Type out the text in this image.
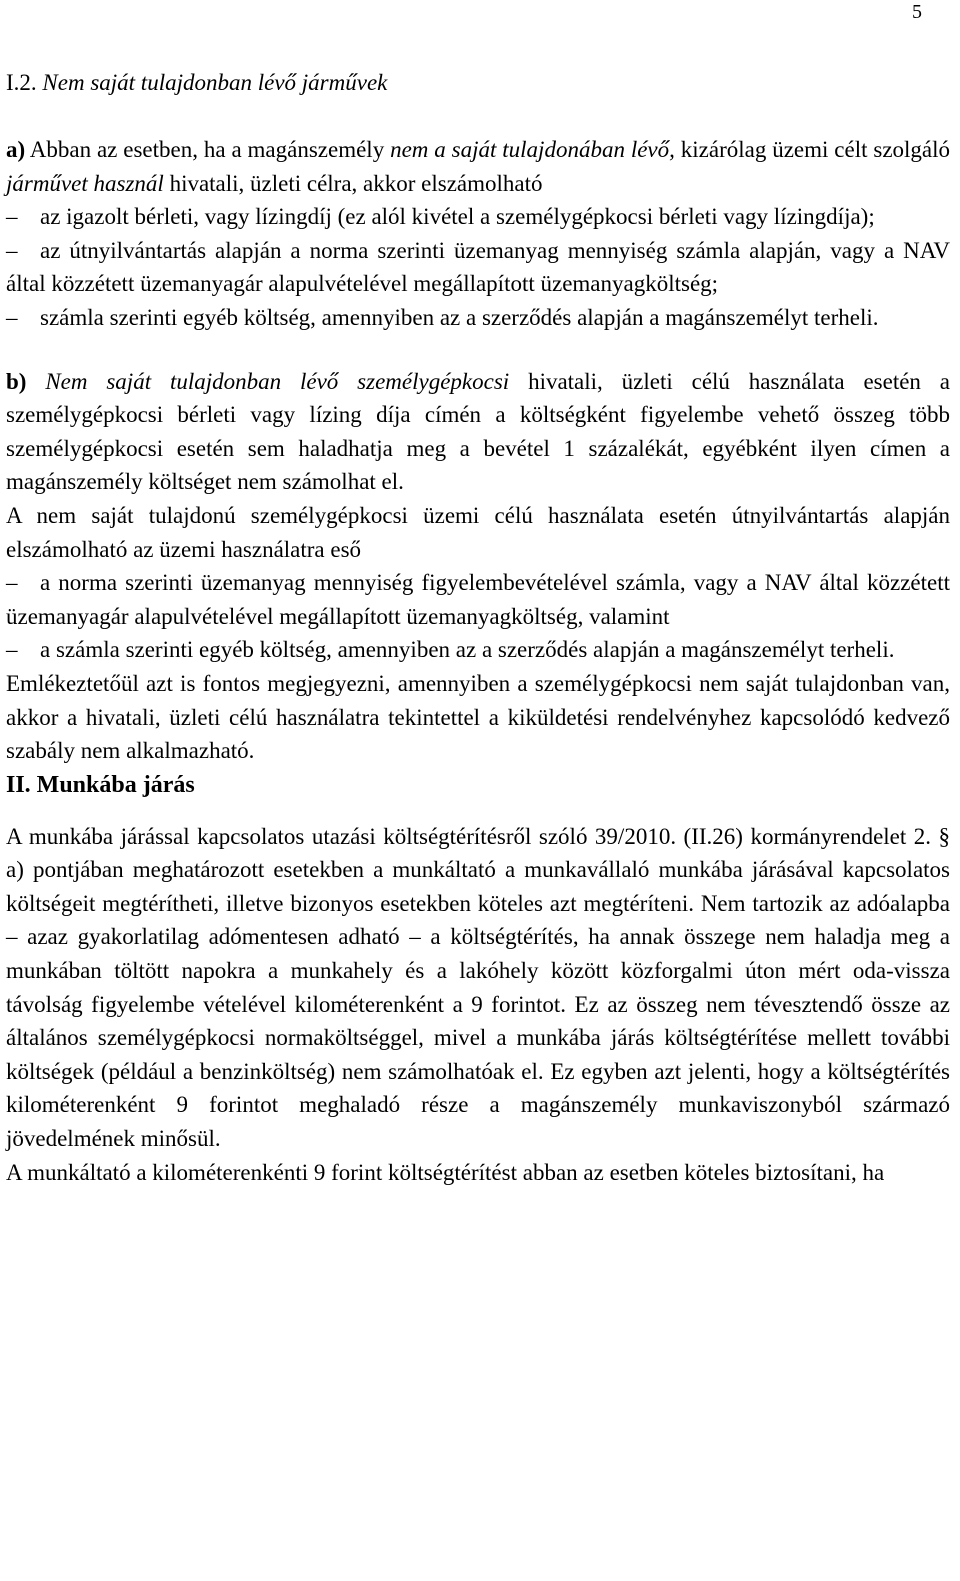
5
I.2. Nem saját tulajdonban lévő járművek

a) Abban az esetben, ha a magánszemély nem a saját tulajdonában lévő, kizárólag üzemi célt szolgáló járművet használ hivatali, üzleti célra, akkor elszámolható

– az igazolt bérleti, vagy lízingdíj (ez alól kivétel a személygépkocsi bérleti vagy lízingdíja);

– az útnyilvántartás alapján a norma szerinti üzemanyag mennyiség számla alapján, vagy a NAV által közzétett üzemanyagár alapulvételével megállapított üzemanyagköltség;

– számla szerinti egyéb költség, amennyiben az a szerződés alapján a magánszemélyt terheli.

b) Nem saját tulajdonban lévő személygépkocsi hivatali, üzleti célú használata esetén a személygépkocsi bérleti vagy lízing díja címén a költségként figyelembe vehető összeg több személygépkocsi esetén sem haladhatja meg a bevétel 1 százalékát, egyébként ilyen címen a magánszemély költséget nem számolhat el.

A nem saját tulajdonú személygépkocsi üzemi célú használata esetén útnyilvántartás alapján elszámolható az üzemi használatra eső

– a norma szerinti üzemanyag mennyiség figyelembevételével számla, vagy a NAV által közzétett üzemanyagár alapulvételével megállapított üzemanyagköltség, valamint

– a számla szerinti egyéb költség, amennyiben az a szerződés alapján a magánszemélyt terheli.

Emlékeztetőül azt is fontos megjegyezni, amennyiben a személygépkocsi nem saját tulajdonban van, akkor a hivatali, üzleti célú használatra tekintettel a kiküldetési rendelvényhez kapcsolódó kedvező szabály nem alkalmazható.

II. Munkába járás

A munkába járással kapcsolatos utazási költségtérítésről szóló 39/2010. (II.26) kormányrendelet 2. § a) pontjában meghatározott esetekben a munkáltató a munkavállaló munkába járásával kapcsolatos költségeit megtérítheti, illetve bizonyos esetekben köteles azt megtéríteni. Nem tartozik az adóalapba – azaz gyakorlatilag adómentesen adható – a költségtérítés, ha annak összege nem haladja meg a munkában töltött napokra a munkahely és a lakóhely között közforgalmi úton mért oda-vissza távolság figyelembe vételével kilométerenként a 9 forintot. Ez az összeg nem tévesztendő össze az általános személygépkocsi normaköltséggel, mivel a munkába járás költségtérítése mellett további költségek (például a benzinköltség) nem számolhatóak el. Ez egyben azt jelenti, hogy a költségtérítés kilométerenként 9 forintot meghaladó része a magánszemély munkaviszonyból származó jövedelmének minősül.

A munkáltató a kilométerenkénti 9 forint költségtérítést abban az esetben köteles biztosítani, ha
